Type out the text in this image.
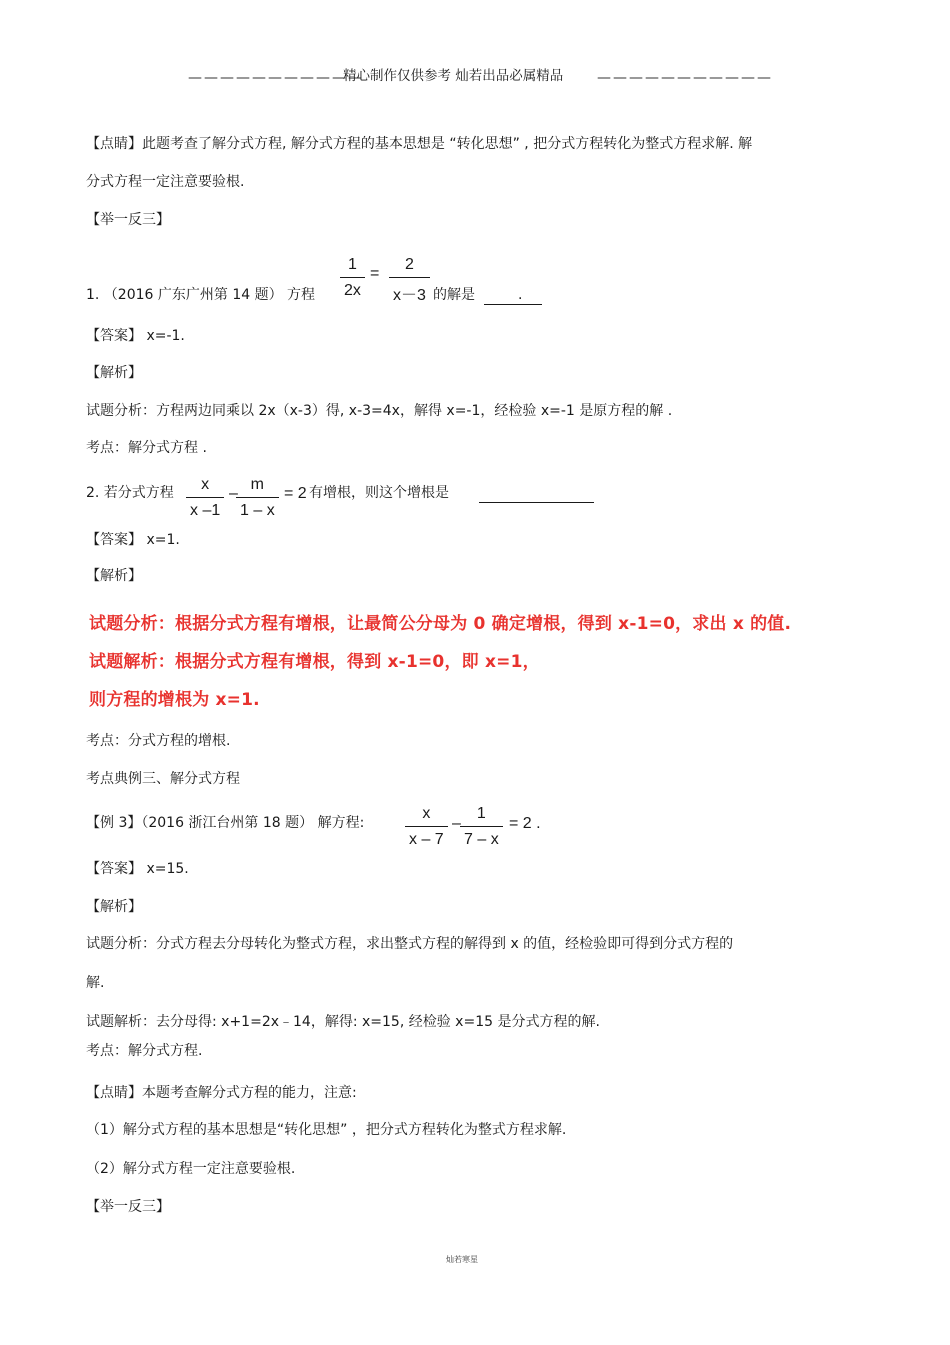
———————————
精心制作仅供参考 灿若出品必属精品 ———————————
【点睛】此题考查了解分式方程, 解分式方程的基本思想是 “转化思想” , 把分式方程转化为整式方程求解. 解
分式方程一定注意要验根.
【举一反三】
1. （2016 广东广州第 14 题） 方程 $\frac{1}{2x} = \frac{2}{x-3}$ 的解是	.
【答案】 x=-1.
【解析】
试题分析：方程两边同乘以 2x（x-3）得, x-3=4x，解得 x=-1，经检验 x=-1 是原方程的解 .
考点：解分式方程 .
2. 若分式方程 $\frac{x}{x -1}$ –
$\frac{m}{1 - x} = 2$ 有增根，则这个增根是
【答案】 x=1.
【解析】
试题分析：根据分式方程有增根，让最简公分母为 0 确定增根，得到 x-1=0，求出 x 的值.
试题解析：根据分式方程有增根，得到 x-1=0，即 x=1，
则方程的增根为 x=1.
考点：分式方程的增根.
考点典例三、解分式方程
【例 3】（2016 浙江台州第 18 题） 解方程:	$\frac{x}{x - 7} - \frac{1}{7 - x} = 2$ .
【答案】 x=15.
【解析】
试题分析：分式方程去分母转化为整式方程，求出整式方程的解得到 x 的值，经检验即可得到分式方程的
解.
试题解析：去分母得: x+1=2x﹣14，解得: x=15, 经检验 x=15 是分式方程的解.
考点：解分式方程.
【点睛】本题考查解分式方程的能力，注意:
（1）解分式方程的基本思想是“转化思想” ，把分式方程转化为整式方程求解.
（2）解分式方程一定注意要验根.
【举一反三】
灿若寒星
